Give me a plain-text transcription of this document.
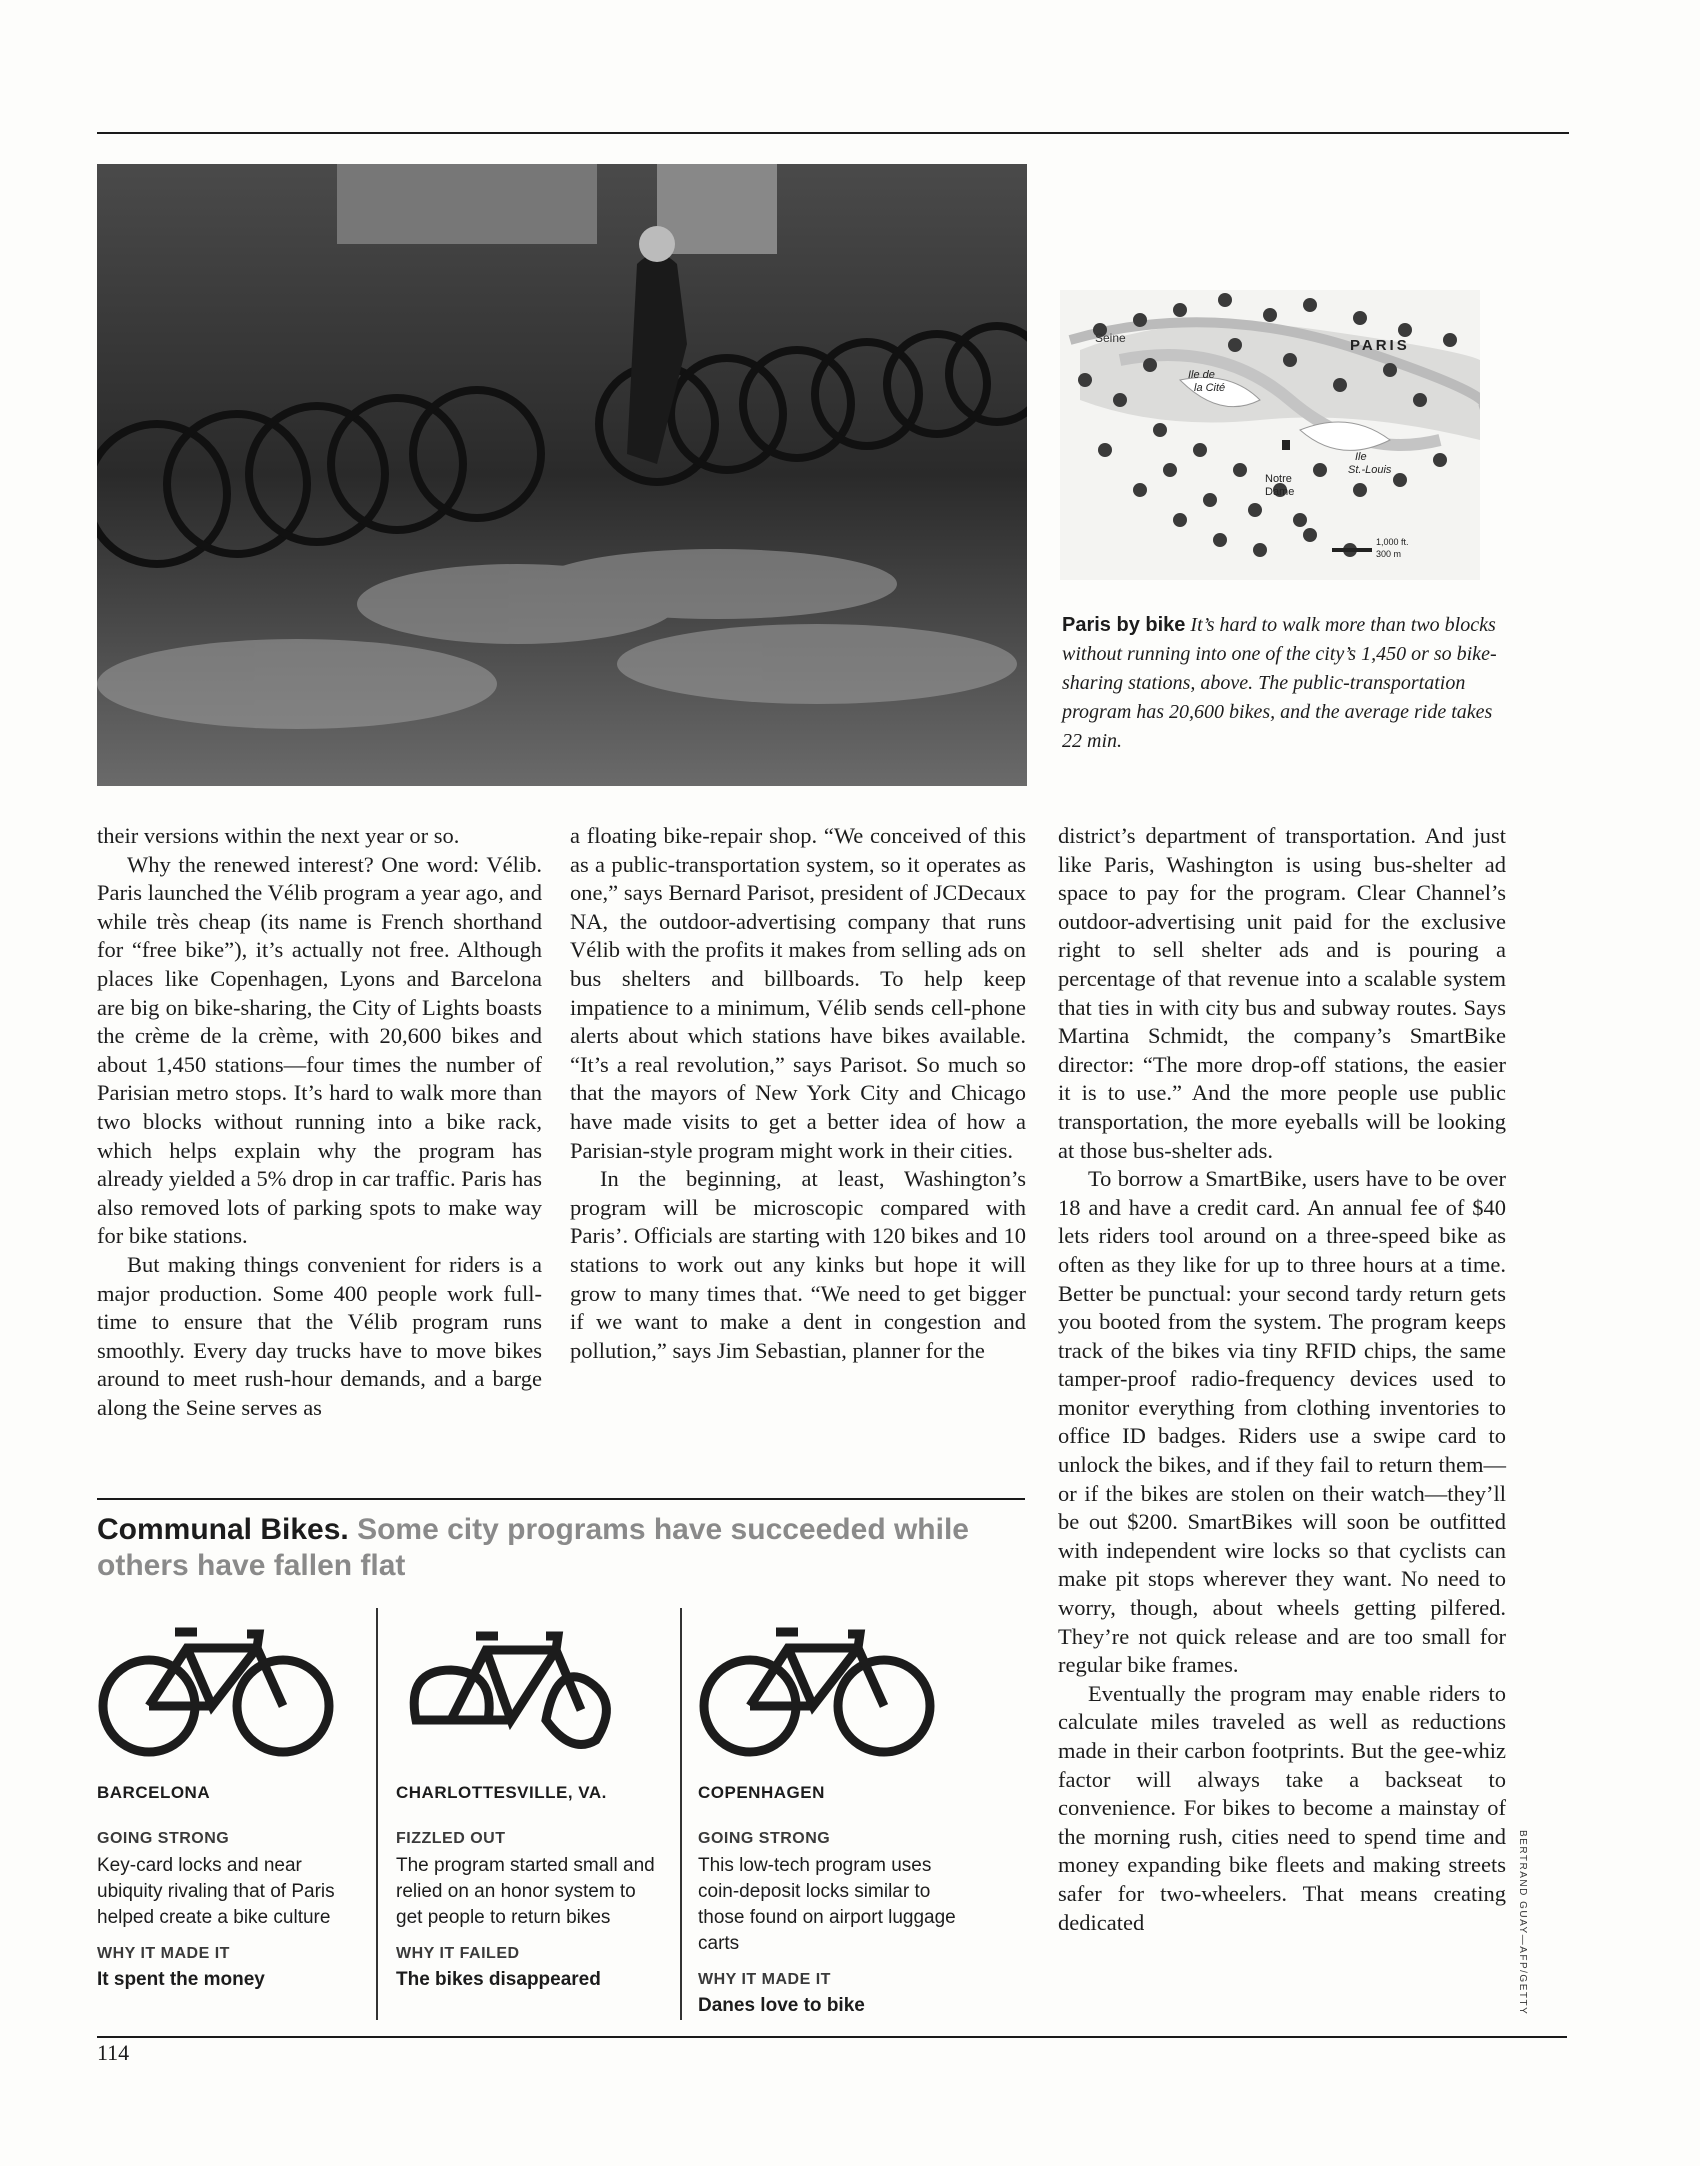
Seine	PARIS
Ile de
la Cité
Ile
St.-Louis
Notre
Dame
1,000 ft.
300 m
Paris by bike It’s hard to walk more than two blocks without running into one of the city’s 1,450 or so bike-sharing stations, above. The public-transportation program has 20,600 bikes, and the average ride takes 22 min.

their versions within the next year or so.

Why the renewed interest? One word: Vélib. Paris launched the Vélib program a year ago, and while très cheap (its name is French shorthand for “free bike”), it’s actually not free. Although places like Copenhagen, Lyons and Barcelona are big on bike-sharing, the City of Lights boasts the crème de la crème, with 20,600 bikes and about 1,450 stations—four times the number of Parisian metro stops. It’s hard to walk more than two blocks without running into a bike rack, which helps explain why the program has already yielded a 5% drop in car traffic. Paris has also removed lots of parking spots to make way for bike stations.

But making things convenient for riders is a major production. Some 400 people work full-time to ensure that the Vélib program runs smoothly. Every day trucks have to move bikes around to meet rush-hour demands, and a barge along the Seine serves as

a floating bike-repair shop. “We conceived of this as a public-transportation system, so it operates as one,” says Bernard Parisot, president of JCDecaux NA, the outdoor-advertising company that runs Vélib with the profits it makes from selling ads on bus shelters and billboards. To help keep impatience to a minimum, Vélib sends cell-phone alerts about which stations have bikes available. “It’s a real revolution,” says Parisot. So much so that the mayors of New York City and Chicago have made visits to get a better idea of how a Parisian-style program might work in their cities.

In the beginning, at least, Washington’s program will be microscopic compared with Paris’. Officials are starting with 120 bikes and 10 stations to work out any kinks but hope it will grow to many times that. “We need to get bigger if we want to make a dent in congestion and pollution,” says Jim Sebastian, planner for the

district’s department of transportation. And just like Paris, Washington is using bus-shelter ad space to pay for the program. Clear Channel’s outdoor-advertising unit paid for the exclusive right to sell shelter ads and is pouring a percentage of that revenue into a scalable system that ties in with city bus and subway routes. Says Martina Schmidt, the company’s SmartBike director: “The more drop-off stations, the easier it is to use.” And the more people use public transportation, the more eyeballs will be looking at those bus-shelter ads.

To borrow a SmartBike, users have to be over 18 and have a credit card. An annual fee of $40 lets riders tool around on a three-speed bike as often as they like for up to three hours at a time. Better be punctual: your second tardy return gets you booted from the system. The program keeps track of the bikes via tiny RFID chips, the same tamper-proof radio-frequency devices used to monitor everything from clothing inventories to office ID badges. Riders use a swipe card to unlock the bikes, and if they fail to return them—or if the bikes are stolen on their watch—they’ll be out $200. SmartBikes will soon be outfitted with independent wire locks so that cyclists can make pit stops wherever they want. No need to worry, though, about wheels getting pilfered. They’re not quick release and are too small for regular bike frames.

Eventually the program may enable riders to calculate miles traveled as well as reductions made in their carbon footprints. But the gee-whiz factor will always take a backseat to convenience. For bikes to become a mainstay of the morning rush, cities need to spend time and money expanding bike fleets and making streets safer for two-wheelers. That means creating dedicated

Communal Bikes. Some city programs have succeeded while others have fallen flat
BARCELONA
GOING STRONG
Key-card locks and near ubiquity rivaling that of Paris helped create a bike culture
WHY IT MADE IT
It spent the money
CHARLOTTESVILLE, VA.
FIZZLED OUT
The program started small and relied on an honor system to get people to return bikes
WHY IT FAILED
The bikes disappeared
COPENHAGEN
GOING STRONG
This low-tech program uses coin-deposit locks similar to those found on airport luggage carts
WHY IT MADE IT
Danes love to bike
114
BERTRAND GUAY—AFP/GETTY
